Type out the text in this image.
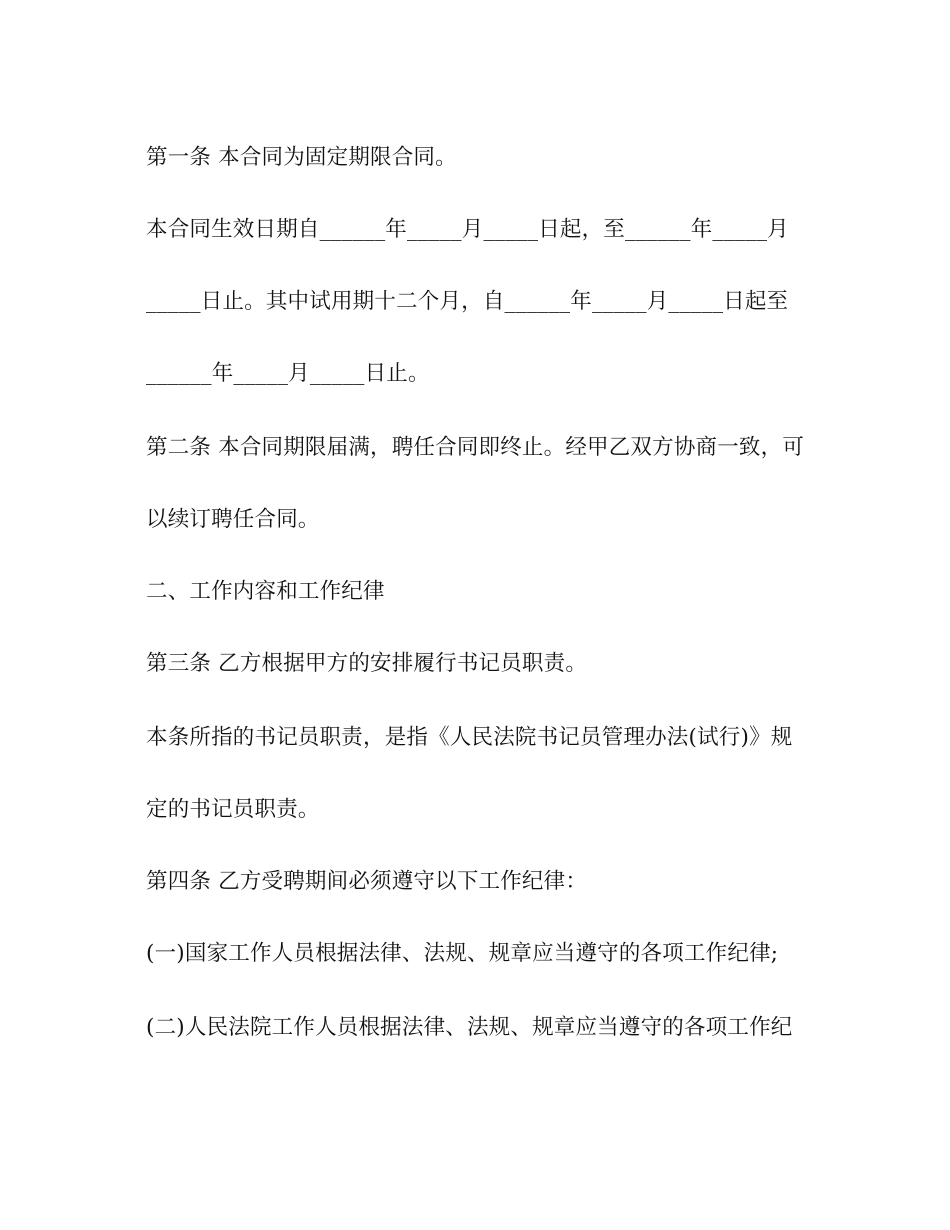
第一条 本合同为固定期限合同。
本合同生效日期自______年_____月_____日起，至______年_____月
_____日止。其中试用期十二个月，自______年_____月_____日起至
______年_____月_____日止。
第二条 本合同期限届满，聘任合同即终止。经甲乙双方协商一致，可
以续订聘任合同。
二、工作内容和工作纪律
第三条 乙方根据甲方的安排履行书记员职责。
本条所指的书记员职责，是指《人民法院书记员管理办法(试行)》规
定的书记员职责。
第四条 乙方受聘期间必须遵守以下工作纪律：
(一)国家工作人员根据法律、法规、规章应当遵守的各项工作纪律;
(二)人民法院工作人员根据法律、法规、规章应当遵守的各项工作纪
